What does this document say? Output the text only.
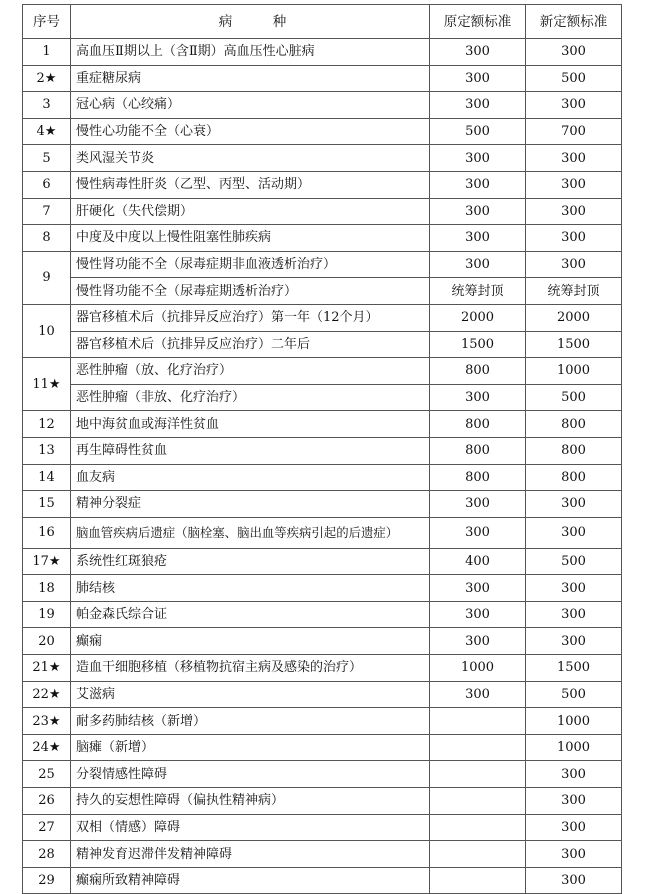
序号	病　　　种	原定额标准	新定额标准
1	高血压Ⅱ期以上（含Ⅱ期）高血压性心脏病	300	300
2★	重症糖尿病	300	500
3	冠心病（心绞痛）	300	300
4★	慢性心功能不全（心衰）	500	700
5	类风湿关节炎	300	300
6	慢性病毒性肝炎（乙型、丙型、活动期）	300	300
7	肝硬化（失代偿期）	300	300
8	中度及中度以上慢性阻塞性肺疾病	300	300
9	慢性肾功能不全（尿毒症期非血液透析治疗）	300	300
	慢性肾功能不全（尿毒症期透析治疗）	统筹封顶	统筹封顶
10	器官移植术后（抗排异反应治疗）第一年（12个月）	2000	2000
	器官移植术后（抗排异反应治疗）二年后	1500	1500
11★	恶性肿瘤（放、化疗治疗）	800	1000
	恶性肿瘤（非放、化疗治疗）	300	500
12	地中海贫血或海洋性贫血	800	800
13	再生障碍性贫血	800	800
14	血友病	800	800
15	精神分裂症	300	300
16	脑血管疾病后遗症（脑栓塞、脑出血等疾病引起的后遗症）	300	300
17★	系统性红斑狼疮	400	500
18	肺结核	300	300
19	帕金森氏综合证	300	300
20	癫痫	300	300
21★	造血干细胞移植（移植物抗宿主病及感染的治疗）	1000	1500
22★	艾滋病	300	500
23★	耐多药肺结核（新增）		1000
24★	脑瘫（新增）		1000
25	分裂情感性障碍		300
26	持久的妄想性障碍（偏执性精神病）		300
27	双相（情感）障碍		300
28	精神发育迟滞伴发精神障碍		300
29	癫痫所致精神障碍		300
